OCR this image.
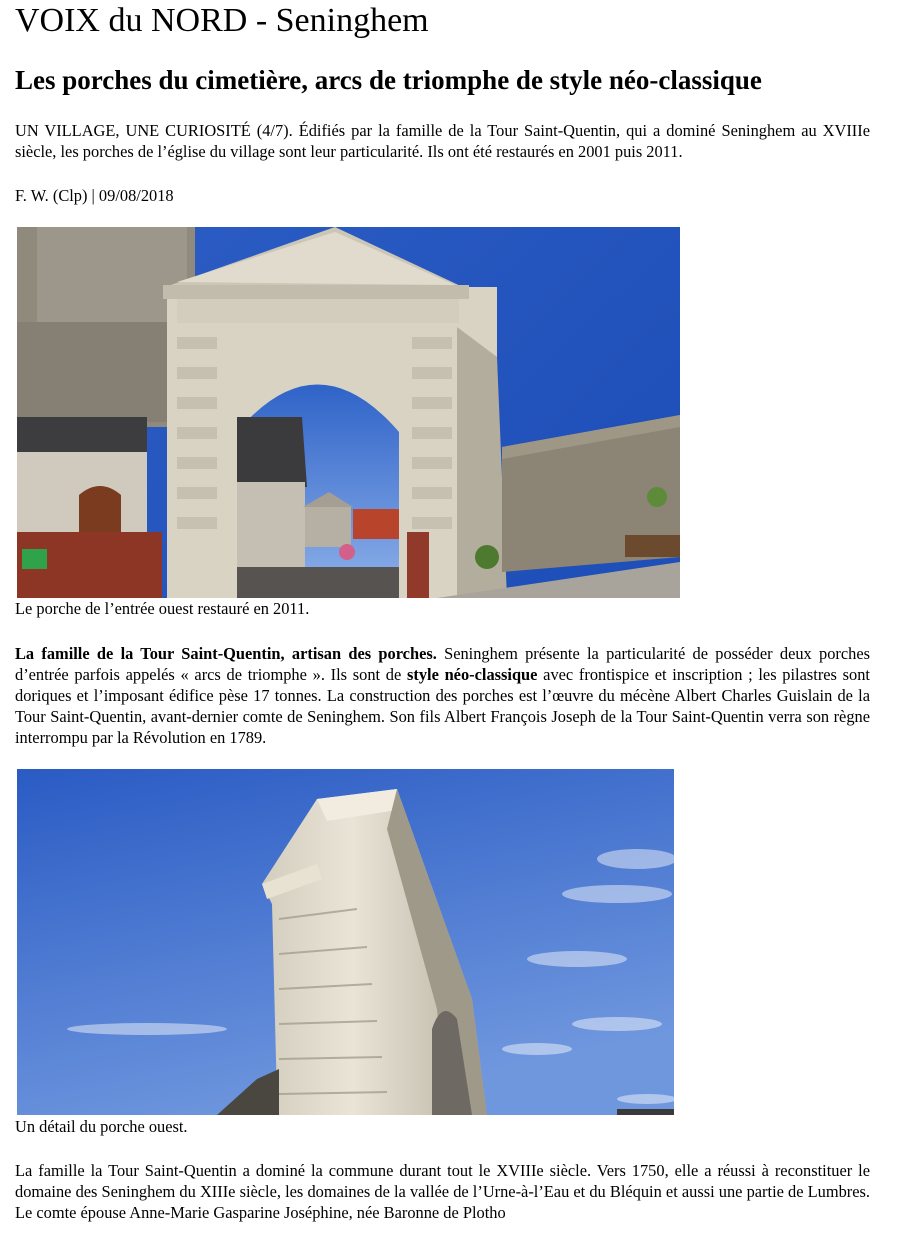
VOIX du NORD - Seninghem
Les porches du cimetière, arcs de triomphe de style néo-classique
UN VILLAGE, UNE CURIOSITÉ (4/7). Édifiés par la famille de la Tour Saint-Quentin, qui a dominé Seninghem au XVIIIe siècle, les porches de l’église du village sont leur particularité. Ils ont été restaurés en 2001 puis 2011.
F. W. (Clp) | 09/08/2018
Le porche de l’entrée ouest restauré en 2011.
La famille de la Tour Saint-Quentin, artisan des porches. Seninghem présente la particularité de posséder deux porches d’entrée parfois appelés « arcs de triomphe ». Ils sont de style néo-classique avec frontispice et inscription ; les pilastres sont doriques et l’imposant édifice pèse 17 tonnes. La construction des porches est l’œuvre du mécène Albert Charles Guislain de la Tour Saint-Quentin, avant-dernier comte de Seninghem. Son fils Albert François Joseph de la Tour Saint-Quentin verra son règne interrompu par la Révolution en 1789.
Un détail du porche ouest.
La famille la Tour Saint-Quentin a dominé la commune durant tout le XVIIIe siècle. Vers 1750, elle a réussi à reconstituer le domaine des Seninghem du XIIIe siècle, les domaines de la vallée de l’Urne-à-l’Eau et du Bléquin et aussi une partie de Lumbres. Le comte épouse Anne-Marie Gasparine Joséphine, née Baronne de Plotho
